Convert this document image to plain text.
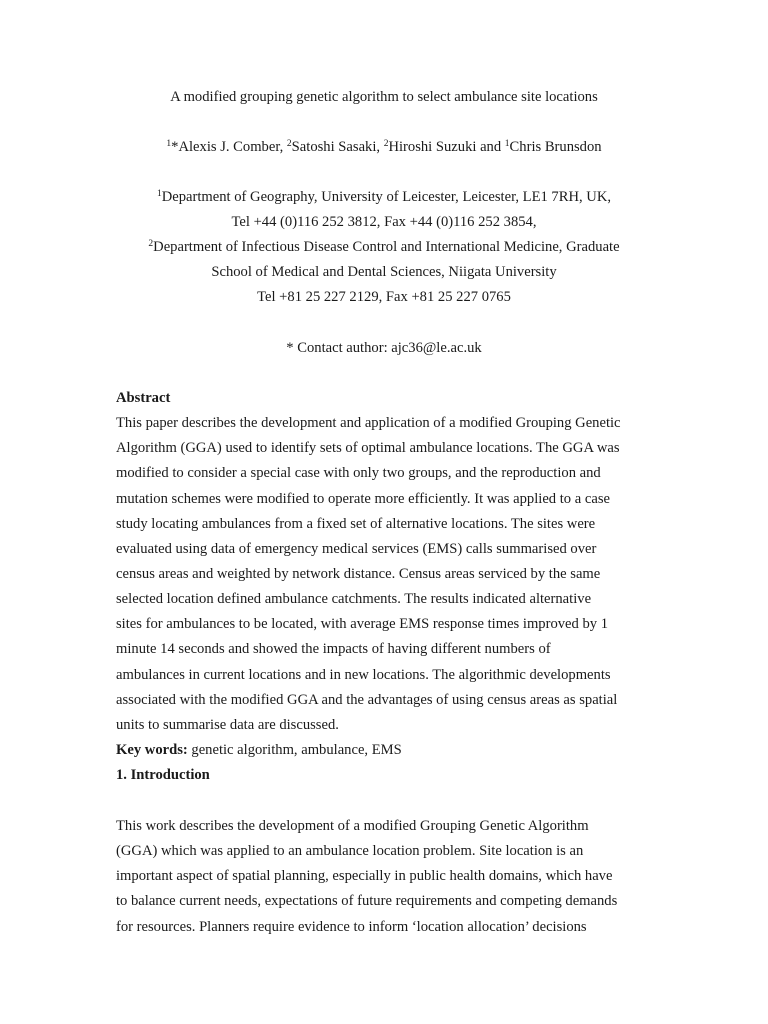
A modified grouping genetic algorithm to select ambulance site locations
$^1$*Alexis J. Comber, $^2$Satoshi Sasaki, $^2$Hiroshi Suzuki and $^1$Chris Brunsdon
$^1$Department of Geography, University of Leicester, Leicester, LE1 7RH, UK,
Tel +44 (0)116 252 3812, Fax +44 (0)116 252 3854,
$^2$Department of Infectious Disease Control and International Medicine, Graduate
School of Medical and Dental Sciences, Niigata University
Tel +81 25 227 2129, Fax +81 25 227 0765
* Contact author: ajc36@le.ac.uk
Abstract
This paper describes the development and application of a modified Grouping Genetic
Algorithm (GGA) used to identify sets of optimal ambulance locations. The GGA was
modified to consider a special case with only two groups, and the reproduction and
mutation schemes were modified to operate more efficiently. It was applied to a case
study locating ambulances from a fixed set of alternative locations. The sites were
evaluated using data of emergency medical services (EMS) calls summarised over
census areas and weighted by network distance. Census areas serviced by the same
selected location defined ambulance catchments. The results indicated alternative
sites for ambulances to be located, with average EMS response times improved by 1
minute 14 seconds and showed the impacts of having different numbers of
ambulances in current locations and in new locations. The algorithmic developments
associated with the modified GGA and the advantages of using census areas as spatial
units to summarise data are discussed.
Key words: genetic algorithm, ambulance, EMS
1. Introduction
This work describes the development of a modified Grouping Genetic Algorithm
(GGA) which was applied to an ambulance location problem. Site location is an
important aspect of spatial planning, especially in public health domains, which have
to balance current needs, expectations of future requirements and competing demands
for resources. Planners require evidence to inform ‘location allocation’ decisions
